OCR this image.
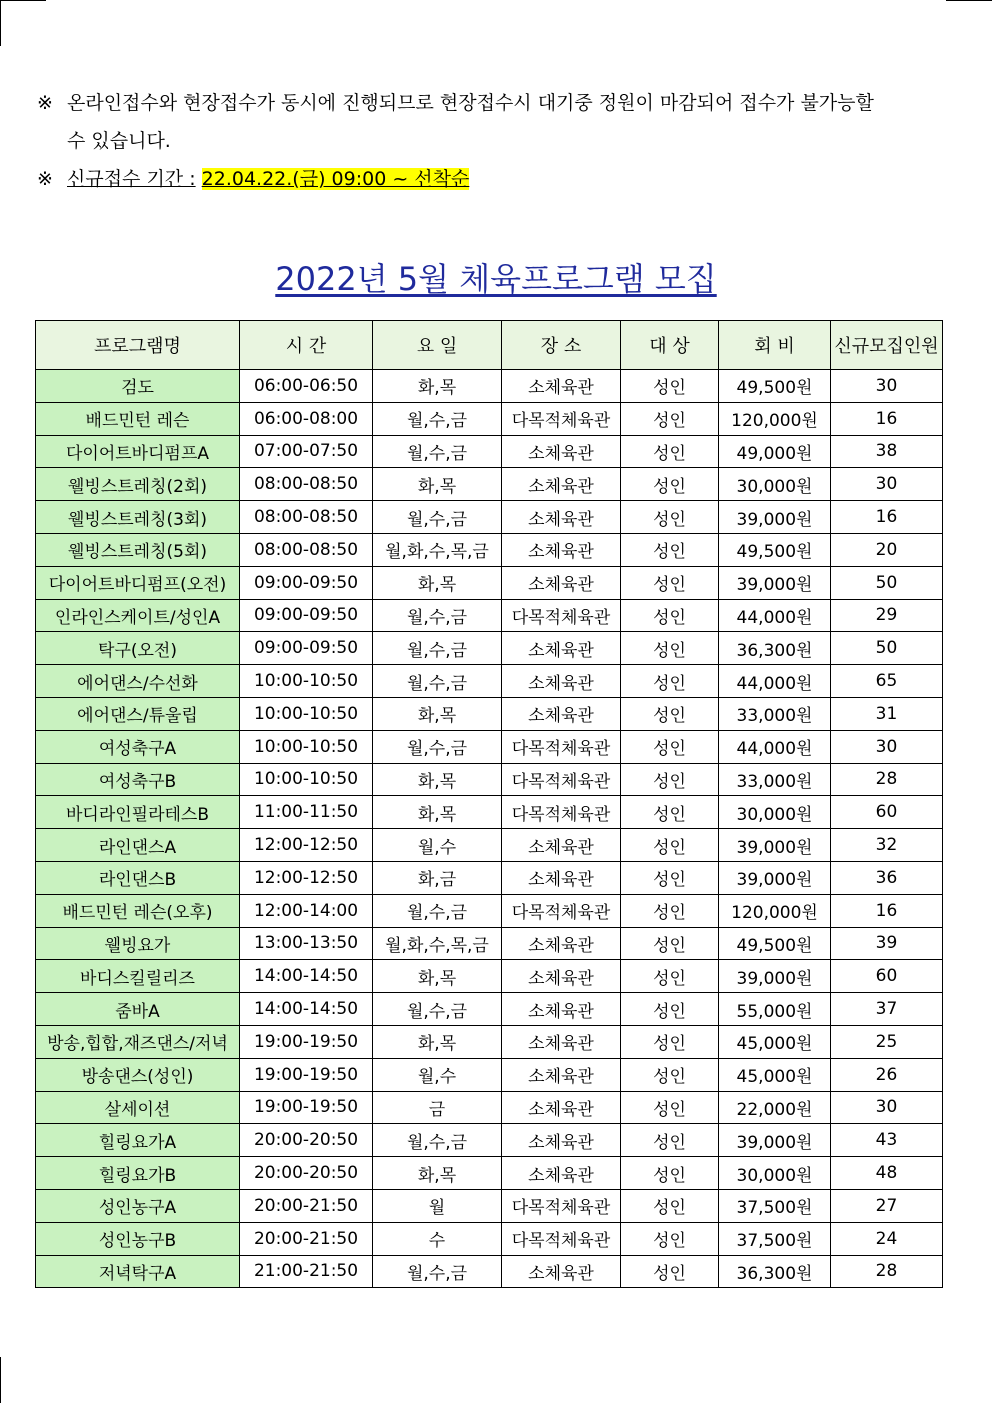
※ 온라인접수와 현장접수가 동시에 진행되므로 현장접수시 대기중 정원이 마감되어 접수가 불가능할
수 있습니다.
※ 신규접수 기간 : 22.04.22.(금) 09:00 ~ 선착순
2022년 5월 체육프로그램 모집
프로그램명	시 간	요 일	장 소	대 상	회 비	신규모집인원
검도	06:00-06:50	화,목	소체육관	성인	49,500원	30
배드민턴 레슨	06:00-08:00	월,수,금	다목적체육관	성인	120,000원	16
다이어트바디펌프A	07:00-07:50	월,수,금	소체육관	성인	49,000원	38
웰빙스트레칭(2회)	08:00-08:50	화,목	소체육관	성인	30,000원	30
웰빙스트레칭(3회)	08:00-08:50	월,수,금	소체육관	성인	39,000원	16
웰빙스트레칭(5회)	08:00-08:50	월,화,수,목,금	소체육관	성인	49,500원	20
다이어트바디펌프(오전)	09:00-09:50	화,목	소체육관	성인	39,000원	50
인라인스케이트/성인A	09:00-09:50	월,수,금	다목적체육관	성인	44,000원	29
탁구(오전)	09:00-09:50	월,수,금	소체육관	성인	36,300원	50
에어댄스/수선화	10:00-10:50	월,수,금	소체육관	성인	44,000원	65
에어댄스/튜울립	10:00-10:50	화,목	소체육관	성인	33,000원	31
여성축구A	10:00-10:50	월,수,금	다목적체육관	성인	44,000원	30
여성축구B	10:00-10:50	화,목	다목적체육관	성인	33,000원	28
바디라인필라테스B	11:00-11:50	화,목	다목적체육관	성인	30,000원	60
라인댄스A	12:00-12:50	월,수	소체육관	성인	39,000원	32
라인댄스B	12:00-12:50	화,금	소체육관	성인	39,000원	36
배드민턴 레슨(오후)	12:00-14:00	월,수,금	다목적체육관	성인	120,000원	16
웰빙요가	13:00-13:50	월,화,수,목,금	소체육관	성인	49,500원	39
바디스킬릴리즈	14:00-14:50	화,목	소체육관	성인	39,000원	60
줌바A	14:00-14:50	월,수,금	소체육관	성인	55,000원	37
방송,힙합,재즈댄스/저녁	19:00-19:50	화,목	소체육관	성인	45,000원	25
방송댄스(성인)	19:00-19:50	월,수	소체육관	성인	45,000원	26
살세이션	19:00-19:50	금	소체육관	성인	22,000원	30
힐링요가A	20:00-20:50	월,수,금	소체육관	성인	39,000원	43
힐링요가B	20:00-20:50	화,목	소체육관	성인	30,000원	48
성인농구A	20:00-21:50	월	다목적체육관	성인	37,500원	27
성인농구B	20:00-21:50	수	다목적체육관	성인	37,500원	24
저녁탁구A	21:00-21:50	월,수,금	소체육관	성인	36,300원	28
